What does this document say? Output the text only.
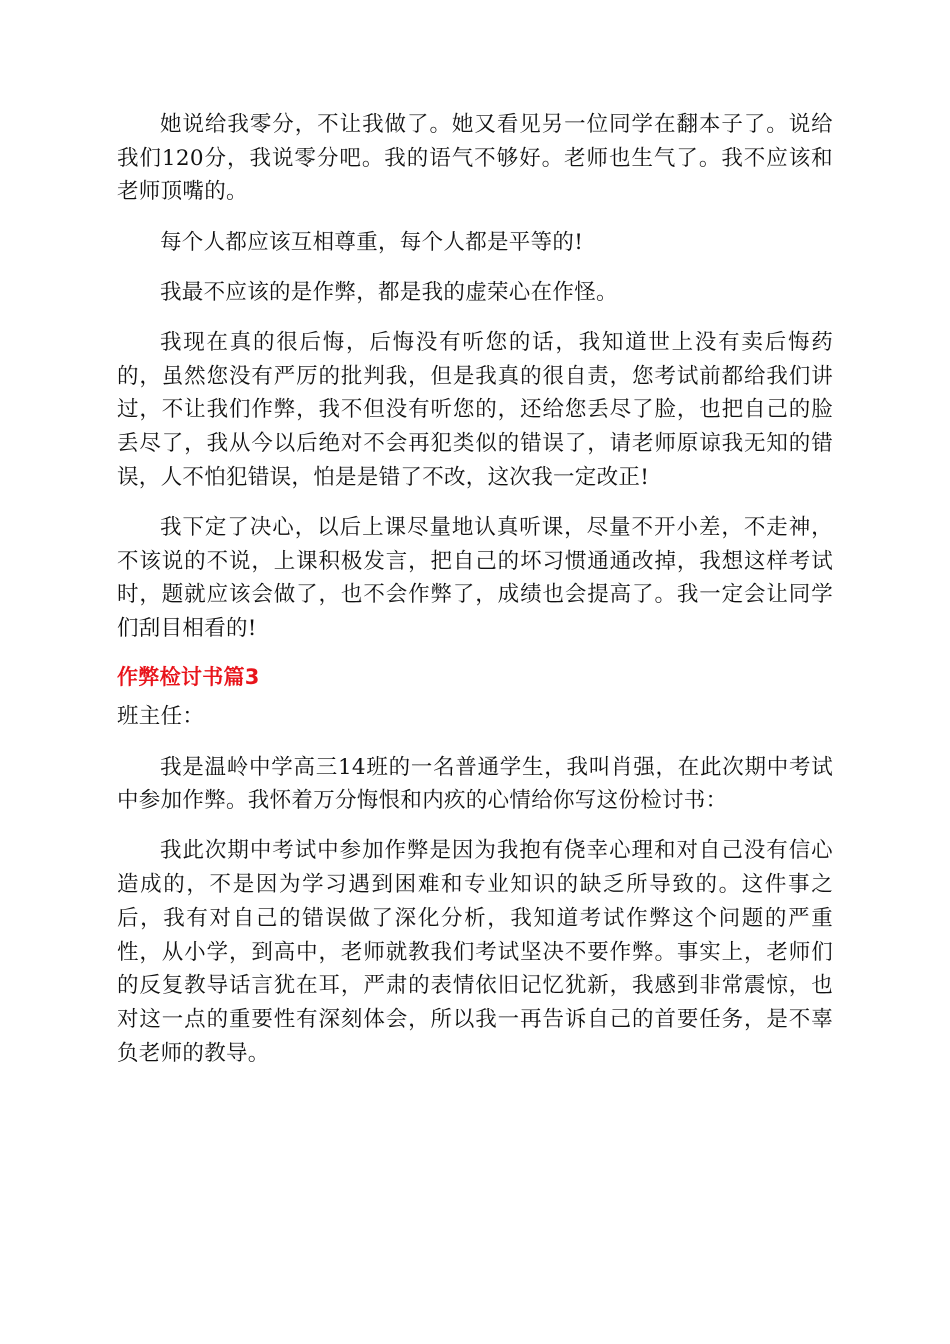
她说给我零分，不让我做了。她又看见另一位同学在翻本子了。说给我们120分，我说零分吧。我的语气不够好。老师也生气了。我不应该和老师顶嘴的。

每个人都应该互相尊重，每个人都是平等的!

我最不应该的是作弊，都是我的虚荣心在作怪。

我现在真的很后悔，后悔没有听您的话，我知道世上没有卖后悔药的，虽然您没有严厉的批判我，但是我真的很自责，您考试前都给我们讲过，不让我们作弊，我不但没有听您的，还给您丢尽了脸，也把自己的脸丢尽了，我从今以后绝对不会再犯类似的错误了，请老师原谅我无知的错误，人不怕犯错误，怕是是错了不改，这次我一定改正!

我下定了决心，以后上课尽量地认真听课，尽量不开小差，不走神，不该说的不说，上课积极发言，把自己的坏习惯通通改掉，我想这样考试时，题就应该会做了，也不会作弊了，成绩也会提高了。我一定会让同学们刮目相看的!

作弊检讨书篇3

班主任：

我是温岭中学高三14班的一名普通学生，我叫肖强，在此次期中考试中参加作弊。我怀着万分悔恨和内疚的心情给你写这份检讨书：

我此次期中考试中参加作弊是因为我抱有侥幸心理和对自己没有信心造成的，不是因为学习遇到困难和专业知识的缺乏所导致的。这件事之后，我有对自己的错误做了深化分析，我知道考试作弊这个问题的严重性，从小学，到高中，老师就教我们考试坚决不要作弊。事实上，老师们的反复教导话言犹在耳，严肃的表情依旧记忆犹新，我感到非常震惊，也对这一点的重要性有深刻体会，所以我一再告诉自己的首要任务，是不辜负老师的教导。
